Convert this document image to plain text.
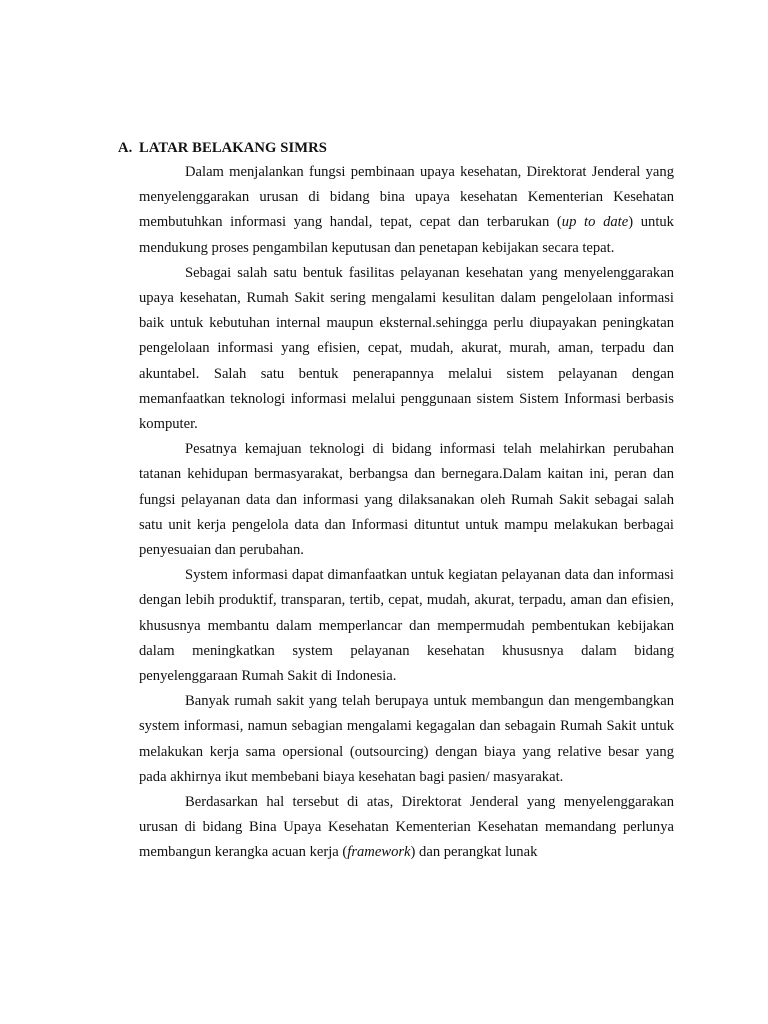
A. LATAR BELAKANG SIMRS

Dalam menjalankan fungsi pembinaan upaya kesehatan, Direktorat Jenderal yang menyelenggarakan urusan di bidang bina upaya kesehatan Kementerian Kesehatan membutuhkan informasi yang handal, tepat, cepat dan terbarukan (up to date) untuk mendukung proses pengambilan keputusan dan penetapan kebijakan secara tepat.

Sebagai salah satu bentuk fasilitas pelayanan kesehatan yang menyelenggarakan upaya kesehatan, Rumah Sakit sering mengalami kesulitan dalam pengelolaan informasi baik untuk kebutuhan internal maupun eksternal.sehingga perlu diupayakan peningkatan pengelolaan informasi yang efisien, cepat, mudah, akurat, murah, aman, terpadu dan akuntabel. Salah satu bentuk penerapannya melalui sistem pelayanan dengan memanfaatkan teknologi informasi melalui penggunaan sistem Sistem Informasi berbasis komputer.

Pesatnya kemajuan teknologi di bidang informasi telah melahirkan perubahan tatanan kehidupan bermasyarakat, berbangsa dan bernegara.Dalam kaitan ini, peran dan fungsi pelayanan data dan informasi yang dilaksanakan oleh Rumah Sakit sebagai salah satu unit kerja pengelola data dan Informasi dituntut untuk mampu melakukan berbagai penyesuaian dan perubahan.

System informasi dapat dimanfaatkan untuk kegiatan pelayanan data dan informasi dengan lebih produktif, transparan, tertib, cepat, mudah, akurat, terpadu, aman dan efisien, khususnya membantu dalam memperlancar dan mempermudah pembentukan kebijakan dalam meningkatkan system pelayanan kesehatan khususnya dalam bidang penyelenggaraan Rumah Sakit di Indonesia.

Banyak rumah sakit yang telah berupaya untuk membangun dan mengembangkan system informasi, namun sebagian mengalami kegagalan dan sebagain Rumah Sakit untuk melakukan kerja sama opersional (outsourcing) dengan biaya yang relative besar yang pada akhirnya ikut membebani biaya kesehatan bagi pasien/ masyarakat.

Berdasarkan hal tersebut di atas, Direktorat Jenderal yang menyelenggarakan urusan di bidang Bina Upaya Kesehatan Kementerian Kesehatan memandang perlunya membangun kerangka acuan kerja (framework) dan perangkat lunak
